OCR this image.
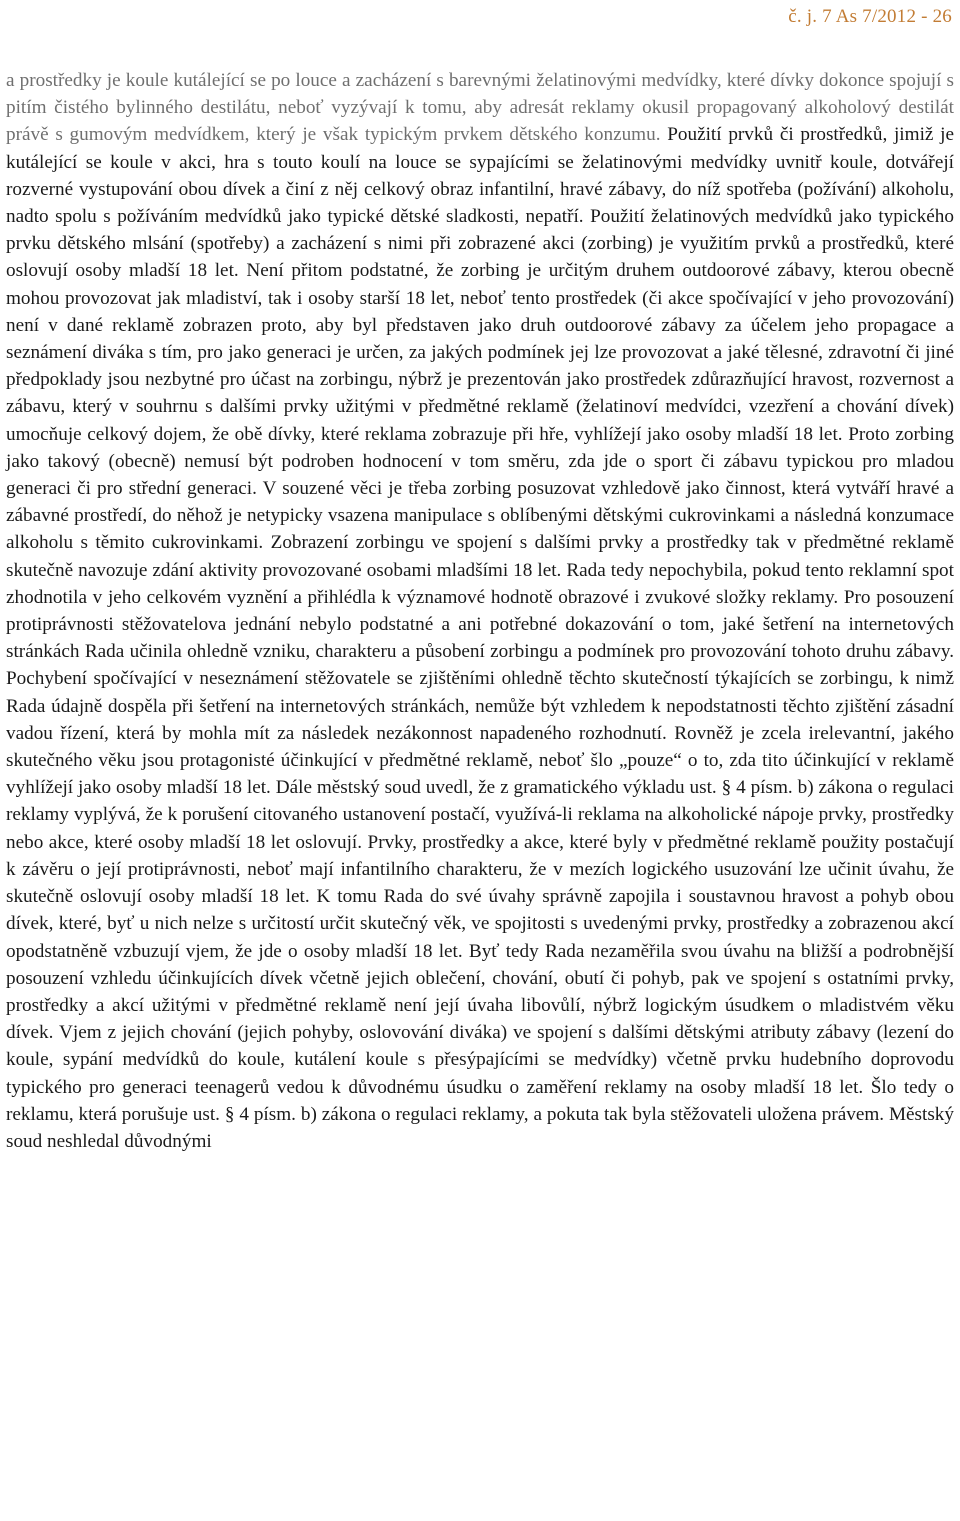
č. j. 7 As 7/2012 - 26

a prostředky je koule kutálející se po louce a zacházení s barevnými želatinovými medvídky, které dívky dokonce spojují s pitím čistého bylinného destilátu, neboť vyzývají k tomu, aby adresát reklamy okusil propagovaný alkoholový destilát právě s gumovým medvídkem, který je však typickým prvkem dětského konzumu. Použití prvků či prostředků, jimiž je kutálející se koule v akci, hra s touto koulí na louce se sypajícími se želatinovými medvídky uvnitř koule, dotvářejí rozverné vystupování obou dívek a činí z něj celkový obraz infantilní, hravé zábavy, do níž spotřeba (požívání) alkoholu, nadto spolu s požíváním medvídků jako typické dětské sladkosti, nepatří. Použití želatinových medvídků jako typického prvku dětského mlsání (spotřeby) a zacházení s nimi při zobrazené akci (zorbing) je využitím prvků a prostředků, které oslovují osoby mladší 18 let. Není přitom podstatné, že zorbing je určitým druhem outdoorové zábavy, kterou obecně mohou provozovat jak mladiství, tak i osoby starší 18 let, neboť tento prostředek (či akce spočívající v jeho provozování) není v dané reklamě zobrazen proto, aby byl představen jako druh outdoorové zábavy za účelem jeho propagace a seznámení diváka s tím, pro jako generaci je určen, za jakých podmínek jej lze provozovat a jaké tělesné, zdravotní či jiné předpoklady jsou nezbytné pro účast na zorbingu, nýbrž je prezentován jako prostředek zdůrazňující hravost, rozvernost a zábavu, který v souhrnu s dalšími prvky užitými v předmětné reklamě (želatinoví medvídci, vzezření a chování dívek) umocňuje celkový dojem, že obě dívky, které reklama zobrazuje při hře, vyhlížejí jako osoby mladší 18 let. Proto zorbing jako takový (obecně) nemusí být podroben hodnocení v tom směru, zda jde o sport či zábavu typickou pro mladou generaci či pro střední generaci. V souzené věci je třeba zorbing posuzovat vzhledově jako činnost, která vytváří hravé a zábavné prostředí, do něhož je netypicky vsazena manipulace s oblíbenými dětskými cukrovinkami a následná konzumace alkoholu s těmito cukrovinkami. Zobrazení zorbingu ve spojení s dalšími prvky a prostředky tak v předmětné reklamě skutečně navozuje zdání aktivity provozované osobami mladšími 18 let. Rada tedy nepochybila, pokud tento reklamní spot zhodnotila v jeho celkovém vyznění a přihlédla k významové hodnotě obrazové i zvukové složky reklamy. Pro posouzení protiprávnosti stěžovatelova jednání nebylo podstatné a ani potřebné dokazování o tom, jaké šetření na internetových stránkách Rada učinila ohledně vzniku, charakteru a působení zorbingu a podmínek pro provozování tohoto druhu zábavy. Pochybení spočívající v neseznámení stěžovatele se zjištěními ohledně těchto skutečností týkajících se zorbingu, k nimž Rada údajně dospěla při šetření na internetových stránkách, nemůže být vzhledem k nepodstatnosti těchto zjištění zásadní vadou řízení, která by mohla mít za následek nezákonnost napadeného rozhodnutí. Rovněž je zcela irelevantní, jakého skutečného věku jsou protagonisté účinkující v předmětné reklamě, neboť šlo „pouze“ o to, zda tito účinkující v reklamě vyhlížejí jako osoby mladší 18 let. Dále městský soud uvedl, že z gramatického výkladu ust. § 4 písm. b) zákona o regulaci reklamy vyplývá, že k porušení citovaného ustanovení postačí, využívá-li reklama na alkoholické nápoje prvky, prostředky nebo akce, které osoby mladší 18 let oslovují. Prvky, prostředky a akce, které byly v předmětné reklamě použity postačují k závěru o její protiprávnosti, neboť mají infantilního charakteru, že v mezích logického usuzování lze učinit úvahu, že skutečně oslovují osoby mladší 18 let. K tomu Rada do své úvahy správně zapojila i soustavnou hravost a pohyb obou dívek, které, byť u nich nelze s určitostí určit skutečný věk, ve spojitosti s uvedenými prvky, prostředky a zobrazenou akcí opodstatněně vzbuzují vjem, že jde o osoby mladší 18 let. Byť tedy Rada nezaměřila svou úvahu na bližší a podrobnější posouzení vzhledu účinkujících dívek včetně jejich oblečení, chování, obutí či pohyb, pak ve spojení s ostatními prvky, prostředky a akcí užitými v předmětné reklamě není její úvaha libovůlí, nýbrž logickým úsudkem o mladistvém věku dívek. Vjem z jejich chování (jejich pohyby, oslovování diváka) ve spojení s dalšími dětskými atributy zábavy (lezení do koule, sypání medvídků do koule, kutálení koule s přesýpajícími se medvídky) včetně prvku hudebního doprovodu typického pro generaci teenagerů vedou k důvodnému úsudku o zaměření reklamy na osoby mladší 18 let. Šlo tedy o reklamu, která porušuje ust. § 4 písm. b) zákona o regulaci reklamy, a pokuta tak byla stěžovateli uložena právem. Městský soud neshledal důvodnými
